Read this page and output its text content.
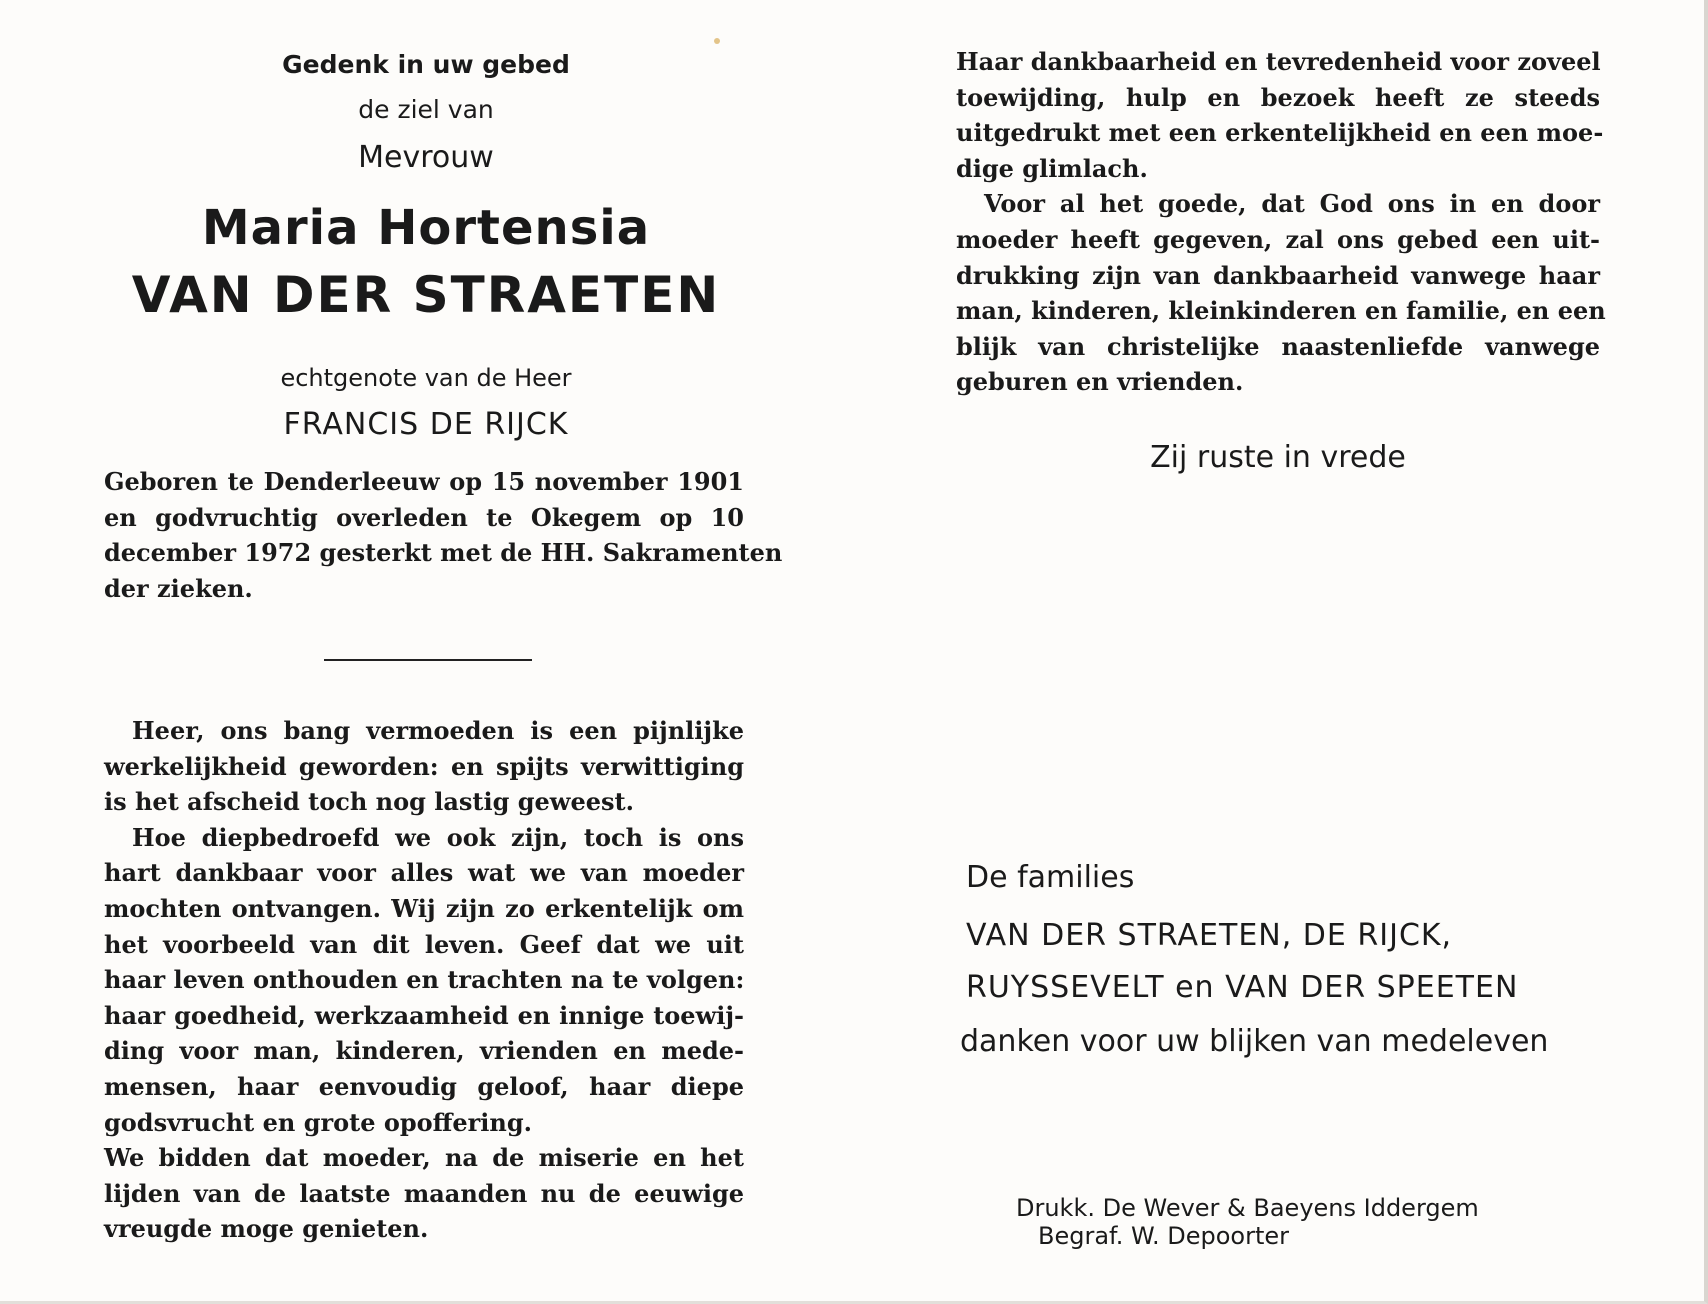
Gedenk in uw gebed
de ziel van
Mevrouw
Maria Hortensia
VAN DER STRAETEN
echtgenote van de Heer
FRANCIS DE RIJCK
Geboren te Denderleeuw op 15 november 1901
en godvruchtig overleden te Okegem op 10
december 1972 gesterkt met de HH. Sakramenten
der zieken.
Heer, ons bang vermoeden is een pijnlijke
werkelijkheid geworden: en spijts verwittiging
is het afscheid toch nog lastig geweest.
Hoe diepbedroefd we ook zijn, toch is ons
hart dankbaar voor alles wat we van moeder
mochten ontvangen. Wij zijn zo erkentelijk om
het voorbeeld van dit leven. Geef dat we uit
haar leven onthouden en trachten na te volgen:
haar goedheid, werkzaamheid en innige toewij-
ding voor man, kinderen, vrienden en mede-
mensen, haar eenvoudig geloof, haar diepe
godsvrucht en grote opoffering.
We bidden dat moeder, na de miserie en het
lijden van de laatste maanden nu de eeuwige
vreugde moge genieten.
Haar dankbaarheid en tevredenheid voor zoveel
toewijding, hulp en bezoek heeft ze steeds
uitgedrukt met een erkentelijkheid en een moe-
dige glimlach.
Voor al het goede, dat God ons in en door
moeder heeft gegeven, zal ons gebed een uit-
drukking zijn van dankbaarheid vanwege haar
man, kinderen, kleinkinderen en familie, en een
blijk van christelijke naastenliefde vanwege
geburen en vrienden.
Zij ruste in vrede
De families
VAN DER STRAETEN, DE RIJCK,
RUYSSEVELT en VAN DER SPEETEN
danken voor uw blijken van medeleven
Drukk. De Wever & Baeyens Iddergem
Begraf. W. Depoorter
